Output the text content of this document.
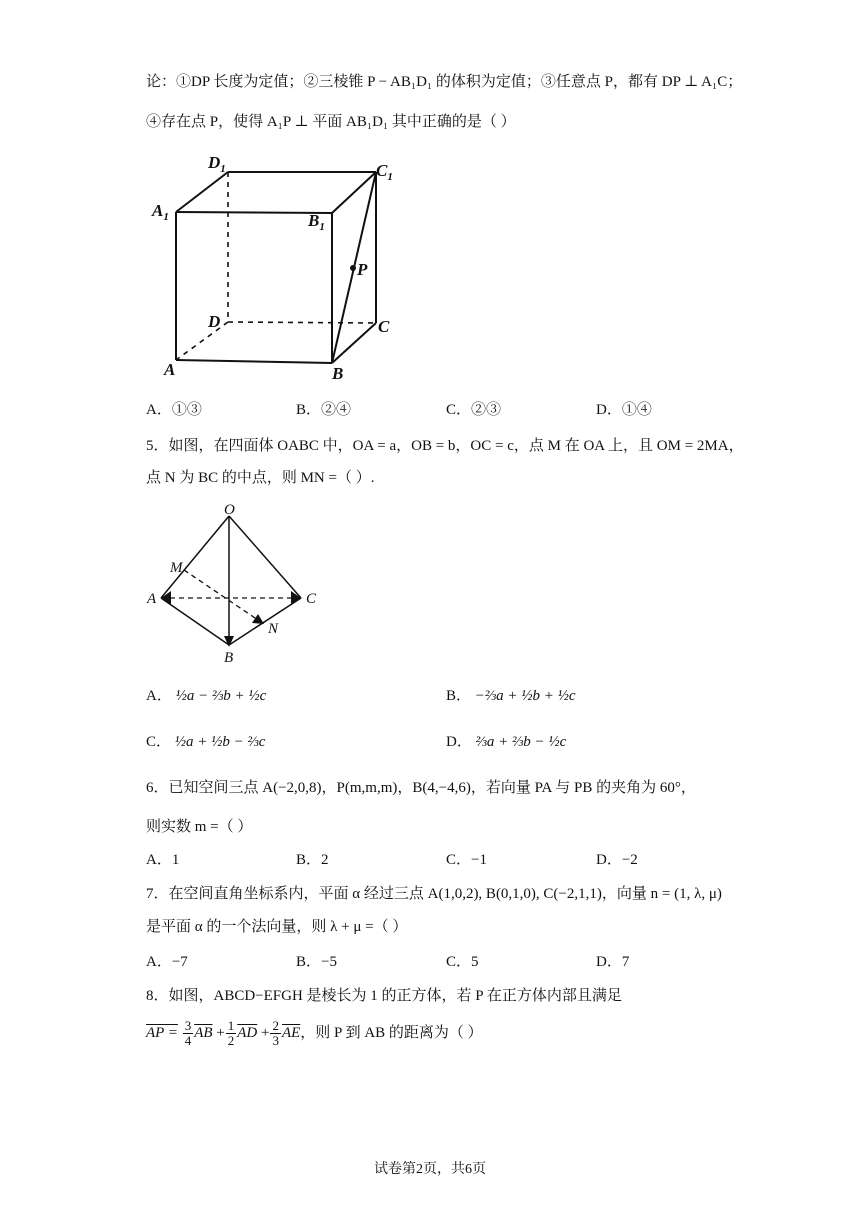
论：①DP 长度为定值；②三棱锥 P − AB₁D₁ 的体积为定值；③任意点 P，都有 DP ⊥ A₁C；
④存在点 P，使得 A₁P ⊥ 平面 AB₁D₁ 其中正确的是（ ）
$D_1$	$C_1$
$A_1$	$B_1$
P
D	C
A	B
A．①③	B．②④	C．②③	D．①④
5．如图，在四面体 OABC 中，OA = a，OB = b，OC = c，点 M 在 OA 上，且 OM = 2MA，
点 N 为 BC 的中点，则 MN =（ ）.
O
M
A	C
N
B
A． ½a − ⅔b + ½c	B． −⅔a + ½b + ½c
C． ½a + ½b − ⅔c	D． ⅔a + ⅔b − ½c
6．已知空间三点 A(−2,0,8)，P(m,m,m)，B(4,−4,6)，若向量 PA 与 PB 的夹角为 60°，
则实数 m =（ ）
A．1	B．2	C．−1	D．−2
7．在空间直角坐标系内，平面 α 经过三点 A(1,0,2), B(0,1,0), C(−2,1,1)，向量 n = (1, λ, μ)
是平面 α 的一个法向量，则 λ + μ =（ ）
A．−7	B．−5	C．5	D．7
8．如图，ABCD−EFGH 是棱长为 1 的正方体，若 P 在正方体内部且满足
AP = $\frac{3}{4} \overline{AB} + \frac{1}{2} \overline{AD} + \frac{2}{3} \overline{AE}$，则 P 到 AB 的距离为（ ）
试卷第2页，共6页
